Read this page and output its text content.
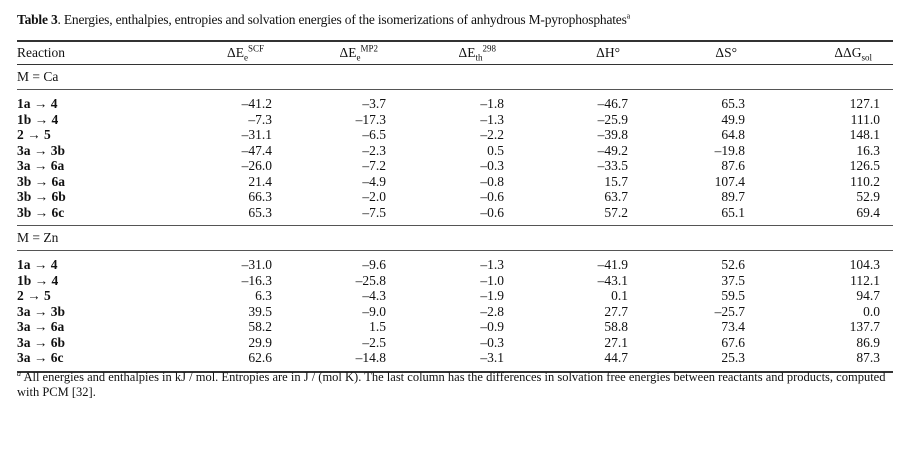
Table 3. Energies, enthalpies, entropies and solvation energies of the isomerizations of anhydrous M-pyrophosphates$^a$
Reaction	$\Delta E_e^{SCF}$	$\Delta E_e^{MP2}$	$\Delta E_{th}^{298}$	ΔH°	ΔS°	$\Delta\Delta G_{sol}$	
M = Ca							

1a → 4	–41.2	–3.7	–1.8	–46.7	65.3	127.1	
1b → 4	–7.3	–17.3	–1.3	–25.9	49.9	111.0	
2 → 5	–31.1	–6.5	–2.2	–39.8	64.8	148.1	
3a → 3b	–47.4	–2.3	0.5	–49.2	–19.8	16.3	
3a → 6a	–26.0	–7.2	–0.3	–33.5	87.6	126.5	
3b → 6a	21.4	–4.9	–0.8	15.7	107.4	110.2	
3b → 6b	66.3	–2.0	–0.6	63.7	89.7	52.9	
3b → 6c	65.3	–7.5	–0.6	57.2	65.1	69.4	

M = Zn							

1a → 4	–31.0	–9.6	–1.3	–41.9	52.6	104.3	
1b → 4	–16.3	–25.8	–1.0	–43.1	37.5	112.1	
2 → 5	6.3	–4.3	–1.9	0.1	59.5	94.7	
3a → 3b	39.5	–9.0	–2.8	27.7	–25.7	0.0	
3a → 6a	58.2	1.5	–0.9	58.8	73.4	137.7	
3a → 6b	29.9	–2.5	–0.3	27.1	67.6	86.9	
3a → 6c	62.6	–14.8	–3.1	44.7	25.3	87.3	

$^a$ All energies and enthalpies in kJ / mol. Entropies are in J / (mol K). The last column has the differences in solvation free energies between reactants and products, computed with PCM [32].
